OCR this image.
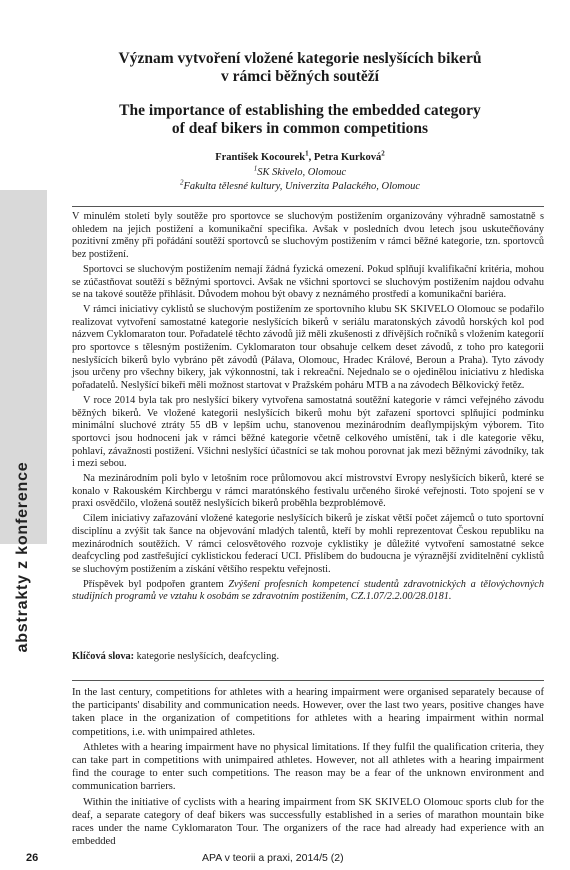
abstrakty z konference
Význam vytvoření vložené kategorie neslyšících bikerů
v rámci běžných soutěží
The importance of establishing the embedded category
of deaf bikers in common competitions
František Kocourek$^1$, Petra Kurková$^2$
$^1$SK Skivelo, Olomouc
$^2$Fakulta tělesné kultury, Univerzita Palackého, Olomouc

V minulém století byly soutěže pro sportovce se sluchovým postižením organizovány výhradně samostatně s ohledem na jejich postižení a komunikační specifika. Avšak v posledních dvou letech jsou uskutečňovány pozitivní změny při pořádání soutěží sportovců se sluchovým postižením v rámci běžné kategorie, tzn. sportovců bez postižení.

Sportovci se sluchovým postižením nemají žádná fyzická omezení. Pokud splňují kvalifikační kritéria, mohou se zúčastňovat soutěží s běžnými sportovci. Avšak ne všichni sportovci se sluchovým postižením najdou odvahu se na takové soutěže přihlásit. Důvodem mohou být obavy z neznámého prostředí a komunikační bariéra.

V rámci iniciativy cyklistů se sluchovým postižením ze sportovního klubu SK SKIVELO Olomouc se podařilo realizovat vytvoření samostatné kategorie neslyšících bikerů v seriálu maratonských závodů horských kol pod názvem Cyklomaraton tour. Pořadatelé těchto závodů již měli zkušenosti z dřívějších ročníků s vložením kategorií pro sportovce s tělesným postižením. Cyklomaraton tour obsahuje celkem deset závodů, z toho pro kategorii neslyšících bikerů bylo vybráno pět závodů (Pálava, Olomouc, Hradec Králové, Beroun a Praha). Tyto závody jsou určeny pro všechny bikery, jak výkonnostní, tak i rekreační. Nejednalo se o ojedinělou iniciativu z hlediska pořadatelů. Neslyšící bikeři měli možnost startovat v Pražském poháru MTB a na závodech Bělkovický řetěz.

V roce 2014 byla tak pro neslyšící bikery vytvořena samostatná soutěžní kategorie v rámci veřejného závodu běžných bikerů. Ve vložené kategorii neslyšících bikerů mohu být zařazení sportovci splňující podmínku minimální sluchové ztráty 55 dB v lepším uchu, stanovenou mezinárodním deaflympijským výborem. Tito sportovci jsou hodnoceni jak v rámci běžné kategorie včetně celkového umístění, tak i dle kategorie věku, pohlaví, závažnosti postižení. Všichni neslyšící účastníci se tak mohou porovnat jak mezi běžnými závodníky, tak i mezi sebou.

Na mezinárodním poli bylo v letošním roce průlomovou akcí mistrovství Evropy neslyšících bikerů, které se konalo v Rakouském Kirchbergu v rámci maratónského festivalu určeného široké veřejnosti. Toto spojení se v praxi osvědčilo, vložená soutěž neslyšících bikerů proběhla bezproblémově.

Cílem iniciativy zařazování vložené kategorie neslyšících bikerů je získat větší počet zájemců o tuto sportovní disciplínu a zvýšit tak šance na objevování mladých talentů, kteří by mohli reprezentovat Českou republiku na mezinárodních soutěžích. V rámci celosvětového rozvoje cyklistiky je důležité vytvoření samostatné sekce deafcycling pod zastřešující cyklistickou federací UCI. Přislíbem do budoucna je výraznější zviditelnění cyklistů se sluchovým postižením a získání většího respektu veřejnosti.

Příspěvek byl podpořen grantem Zvýšení profesních kompetencí studentů zdravotnických a tělovýchovných studijních programů ve vztahu k osobám se zdravotním postižením, CZ.1.07/2.2.00/28.0181.

Klíčová slova: kategorie neslyšících, deafcycling.

In the last century, competitions for athletes with a hearing impairment were organised separately because of the participants' disability and communication needs. However, over the last two years, positive changes have taken place in the organization of competitions for athletes with a hearing impairment within normal competitions, i.e. with unimpaired athletes.

Athletes with a hearing impairment have no physical limitations. If they fulfil the qualification criteria, they can take part in competitions with unimpaired athletes. However, not all athletes with a hearing impairment find the courage to enter such competitions. The reason may be a fear of the unknown environment and communication barriers.

Within the initiative of cyclists with a hearing impairment from SK SKIVELO Olomouc sports club for the deaf, a separate category of deaf bikers was successfully established in a series of marathon mountain bike races under the name Cyklomaraton Tour. The organizers of the race had already had experience with an embedded

26	APA v teorii a praxi, 2014/5 (2)
